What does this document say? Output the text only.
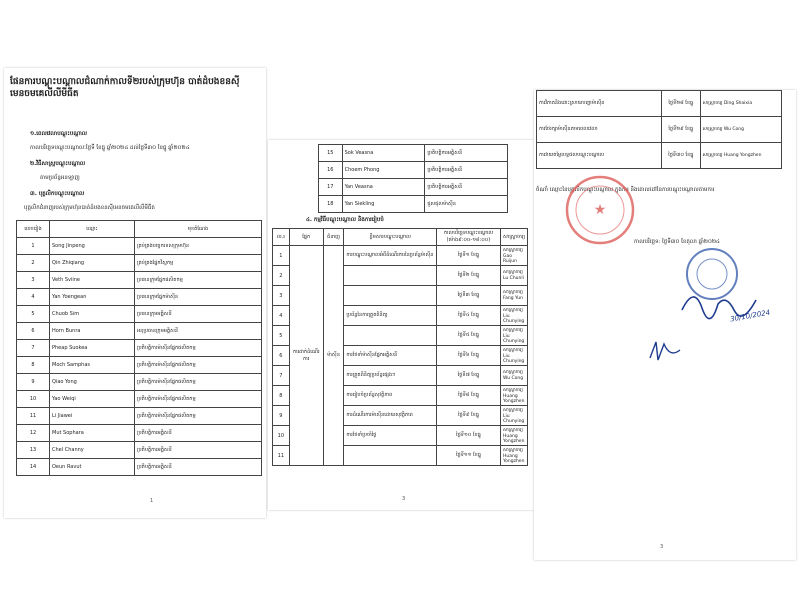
ផែនការបណ្តុះបណ្តាលជំណាក់កាលទី២របស់ក្រុមហ៊ុន បាត់ដំបងខនស៊ីមេនចមគេលីលីមីធីត
១.ពេលវេលាបណ្តុះបណ្តាល
កាលបរិច្ឆេទបណ្តុះបណ្តាលៈថ្ងៃទី ខែធ្នូ ឆ្នាំ២០២៤ ដល់ថ្ងៃទី៣០ ខែធ្នូ ឆ្នាំ២០២៤
២.វិធីសាស្ត្របណ្តុះបណ្តាល
តាមប្រព័ន្ធអនឡាញ
៣. បុគ្គលិកបណ្តុះបណ្តាល
បុគ្គលិកជំនាញរបស់ក្រុមហ៊ុនបាត់ដំបងខនស៊ីមេនចមគេលីលីមីធីត
លេខរៀង	ឈ្មោះ	មុខតំណែង
1	Song Jinpeng	គ្រប់គ្រងបច្ចេកទេសក្រុមហ៊ុន
2	Qin Zhiqiang	គ្រប់គ្រងផ្នែកវិស្វកម្ម
3	Veth Sviine	ប្រធានក្រុមផ្នែកផលិតកម្ម
4	Yan Yoengean	ប្រធានក្រុមផ្នែកម៉ាស៊ីន
5	Chuob Sim	ប្រធានក្រុមអគ្គិសនី
6	Horn Bunra	អនុប្រធានក្រុមអគ្គិសនី
7	Pheap Suokea	ប្រតិបត្តិការម៉ាស៊ីនផ្នែកផលិតកម្ម
8	Moch Samphas	ប្រតិបត្តិការម៉ាស៊ីនផ្នែកផលិតកម្ម
9	Qiao Yong	ប្រតិបត្តិការម៉ាស៊ីនផ្នែកផលិតកម្ម
10	Yao Weiqi	ប្រតិបត្តិការម៉ាស៊ីនផ្នែកផលិតកម្ម
11	Li Jiawei	ប្រតិបត្តិការម៉ាស៊ីនផ្នែកផលិតកម្ម
12	Mut Sophara	ប្រតិបត្តិការអគ្គិសនី
13	Chel Channy	ប្រតិបត្តិការអគ្គិសនី
14	Oeun Ravut	ប្រតិបត្តិការអគ្គិសនី
1
15	Sok Veasna	ប្រតិបត្តិការអគ្គិសនី
16	Choem Phong	ប្រតិបត្តិការអគ្គិសនី
17	Yan Veasna	ប្រតិបត្តិការអគ្គិសនី
18	Yan Siekling	ជួសជុលម៉ាស៊ីន
៤. កម្មវិធីបណ្តុះបណ្តាល និងការរៀបចំ
ល.រ	ផ្នែក	ជំនាញ	ខ្លឹមសារបណ្តុះបណ្តាល	កាលបរិច្ឆេទបណ្តុះបណ្តាល (ម៉ោង៩:០០-១៨:០០)	សាស្ត្រាចារ្យ
1	ការដាក់ដំណើរការ	ម៉ាស៊ីន	ការបណ្តុះបណ្តាលអំពីដំណើរការនៃប្រព័ន្ធម៉ាស៊ីន	ថ្ងៃទី១ ខែធ្នូ	សាស្ត្រាចារ្យ Gao Ruijun
2				ថ្ងៃទី២ ខែធ្នូ	សាស្ត្រាចារ្យ Lu Chunli
3				ថ្ងៃទី៣ ខែធ្នូ	សាស្ត្រាចារ្យ Fang Yun
4			ប្រព័ន្ធនៃការត្រួតពិនិត្យ	ថ្ងៃទី៤ ខែធ្នូ	សាស្ត្រាចារ្យ Liu Chunying
5				ថ្ងៃទី៥ ខែធ្នូ	សាស្ត្រាចារ្យ Liu Chunying
6			ការថែទាំម៉ាស៊ីនផ្នែកអគ្គិសនី	ថ្ងៃទី៦ ខែធ្នូ	សាស្ត្រាចារ្យ Liu Chunying
7			ការត្រួតពិនិត្យប្រព័ន្ធផ្សេងៗ	ថ្ងៃទី៧ ខែធ្នូ	សាស្ត្រាចារ្យ Wu Cong
8			ការរៀបចំប្រព័ន្ធសុវត្ថិភាព	ថ្ងៃទី៨ ខែធ្នូ	សាស្ត្រាចារ្យ Huang Yongzhen
9			ការដំណើរការម៉ាស៊ីនដោយសុវត្ថិភាព	ថ្ងៃទី៩ ខែធ្នូ	សាស្ត្រាចារ្យ Liu Chunying
10			ការថែទាំប្រចាំថ្ងៃ	ថ្ងៃទី១០ ខែធ្នូ	សាស្ត្រាចារ្យ Huang Yongzhen
11				ថ្ងៃទី១១ ខែធ្នូ	សាស្ត្រាចារ្យ Huang Yongzhen
3
ការវិភាគនិងដោះស្រាយបញ្ហាម៉ាស៊ីន	ថ្ងៃទី២៨ ខែធ្នូ	សាស្ត្រាចារ្យ Ding Shaixia
ការថែរក្សាម៉ាស៊ីនតាមពេលវេលា	ថ្ងៃទី២៩ ខែធ្នូ	សាស្ត្រាចារ្យ Wu Cong
ការវាយតម្លៃលទ្ធផលបណ្តុះបណ្តាល	ថ្ងៃទី៣០ ខែធ្នូ	សាស្ត្រាចារ្យ Huang Yongzhen
ចំណាំ ឈ្មោះនៃបុគ្គលិកបណ្តុះបណ្តាល ក្នុងការ និងគោលដៅនៃការបណ្តុះបណ្តាលតាមការ
★
កាលបរិច្ឆេទ: ថ្ងៃទី៣០ ខែតុលា ឆ្នាំ២០២៤
30/10/2024
3
